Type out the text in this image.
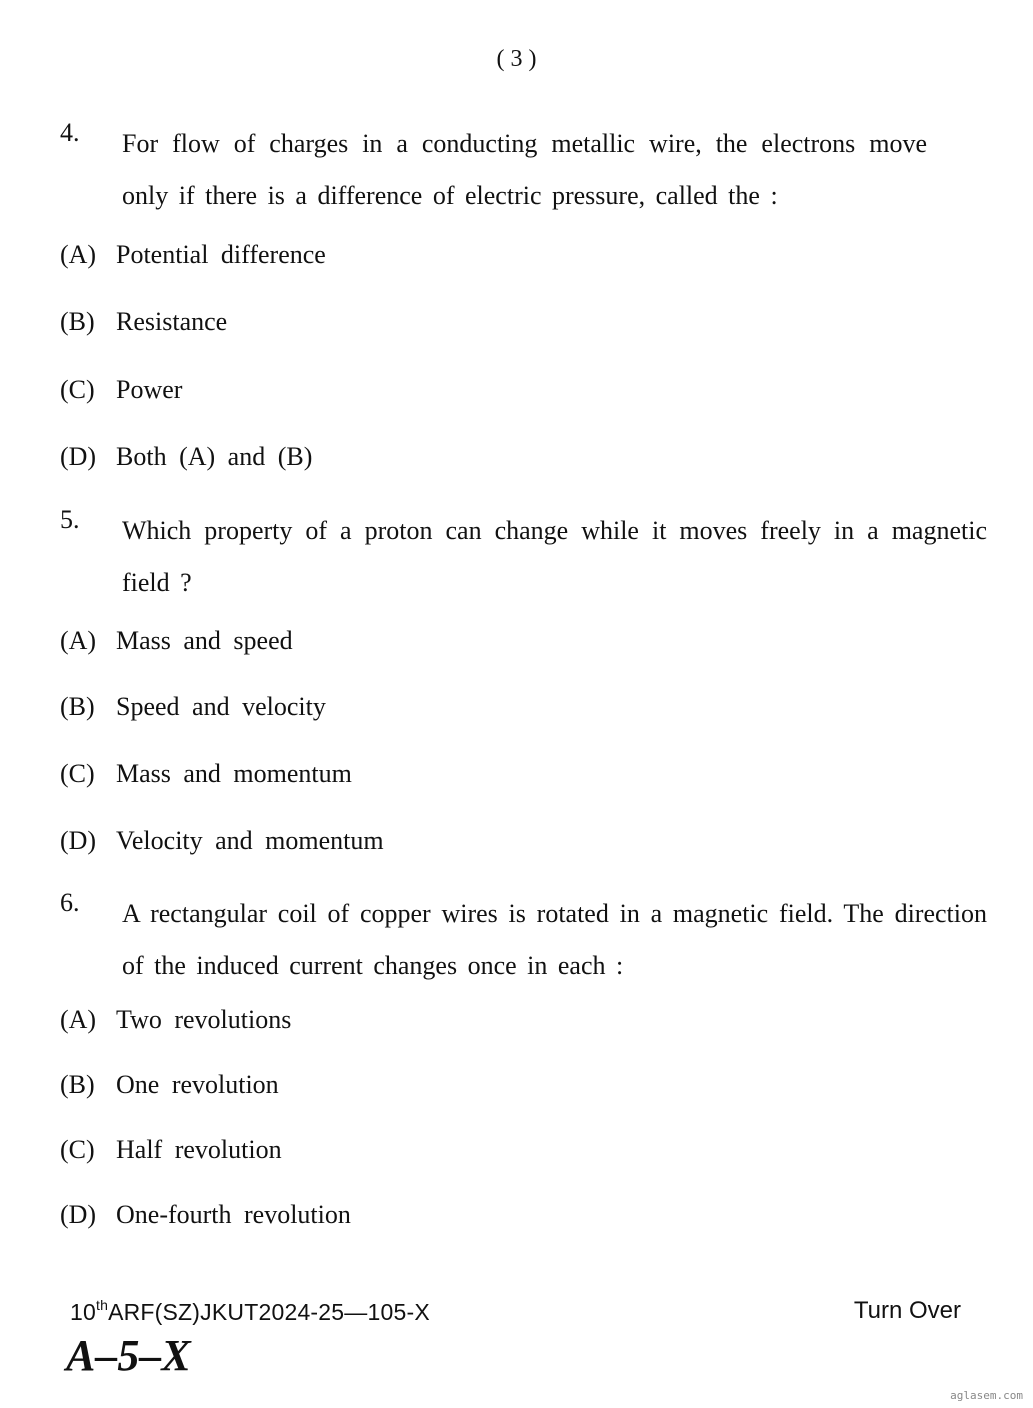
( 3 )
4. For flow of charges in a conducting metallic wire, the electrons move only if there is a difference of electric pressure, called the :
(A) Potential difference
(B) Resistance
(C) Power
(D) Both (A) and (B)
5. Which property of a proton can change while it moves freely in a magnetic field ?
(A) Mass and speed
(B) Speed and velocity
(C) Mass and momentum
(D) Velocity and momentum
6. A rectangular coil of copper wires is rotated in a magnetic field. The direction of the induced current changes once in each :
(A) Two revolutions
(B) One revolution
(C) Half revolution
(D) One-fourth revolution
10thARF(SZ)JKUT2024-25—105-X	Turn Over
A–5–X
aglasem.com
